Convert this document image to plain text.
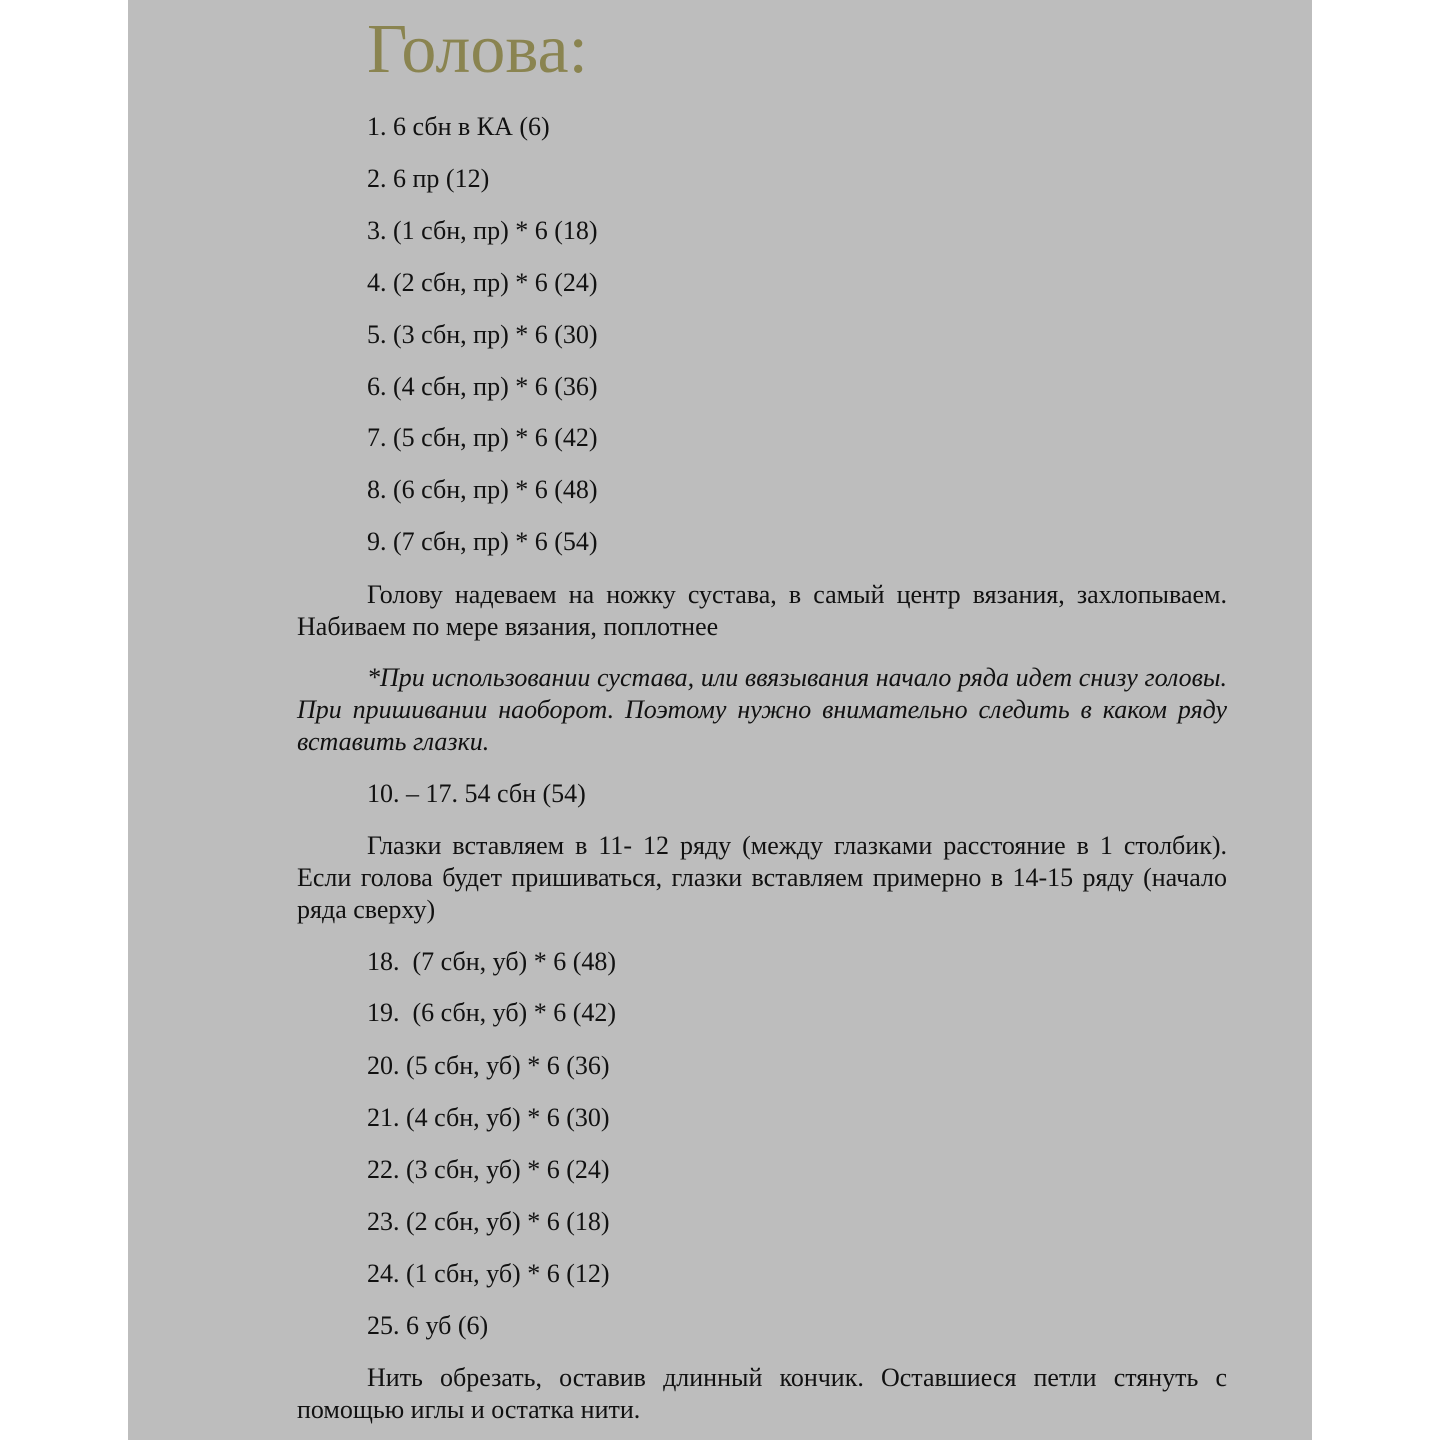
Голова:

1. 6 сбн в КА (6)

2. 6 пр (12)

3. (1 сбн, пр) * 6 (18)

4. (2 сбн, пр) * 6 (24)

5. (3 сбн, пр) * 6 (30)

6. (4 сбн, пр) * 6 (36)

7. (5 сбн, пр) * 6 (42)

8. (6 сбн, пр) * 6 (48)

9. (7 сбн, пр) * 6 (54)

Голову надеваем на ножку сустава, в самый центр вязания, захлопываем. Набиваем по мере вязания, поплотнее

*При использовании сустава, или ввязывания начало ряда идет снизу головы. При пришивании наоборот. Поэтому нужно внимательно следить в каком ряду вставить глазки.

10. – 17. 54 сбн (54)

Глазки вставляем в 11- 12 ряду (между глазками расстояние в 1 столбик). Если голова будет пришиваться, глазки вставляем примерно в 14-15 ряду (начало ряда сверху)

18.  (7 сбн, уб) * 6 (48)

19.  (6 сбн, уб) * 6 (42)

20. (5 сбн, уб) * 6 (36)

21. (4 сбн, уб) * 6 (30)

22. (3 сбн, уб) * 6 (24)

23. (2 сбн, уб) * 6 (18)

24. (1 сбн, уб) * 6 (12)

25. 6 уб (6)

Нить обрезать, оставив длинный кончик. Оставшиеся петли стянуть с помощью иглы и остатка нити.
